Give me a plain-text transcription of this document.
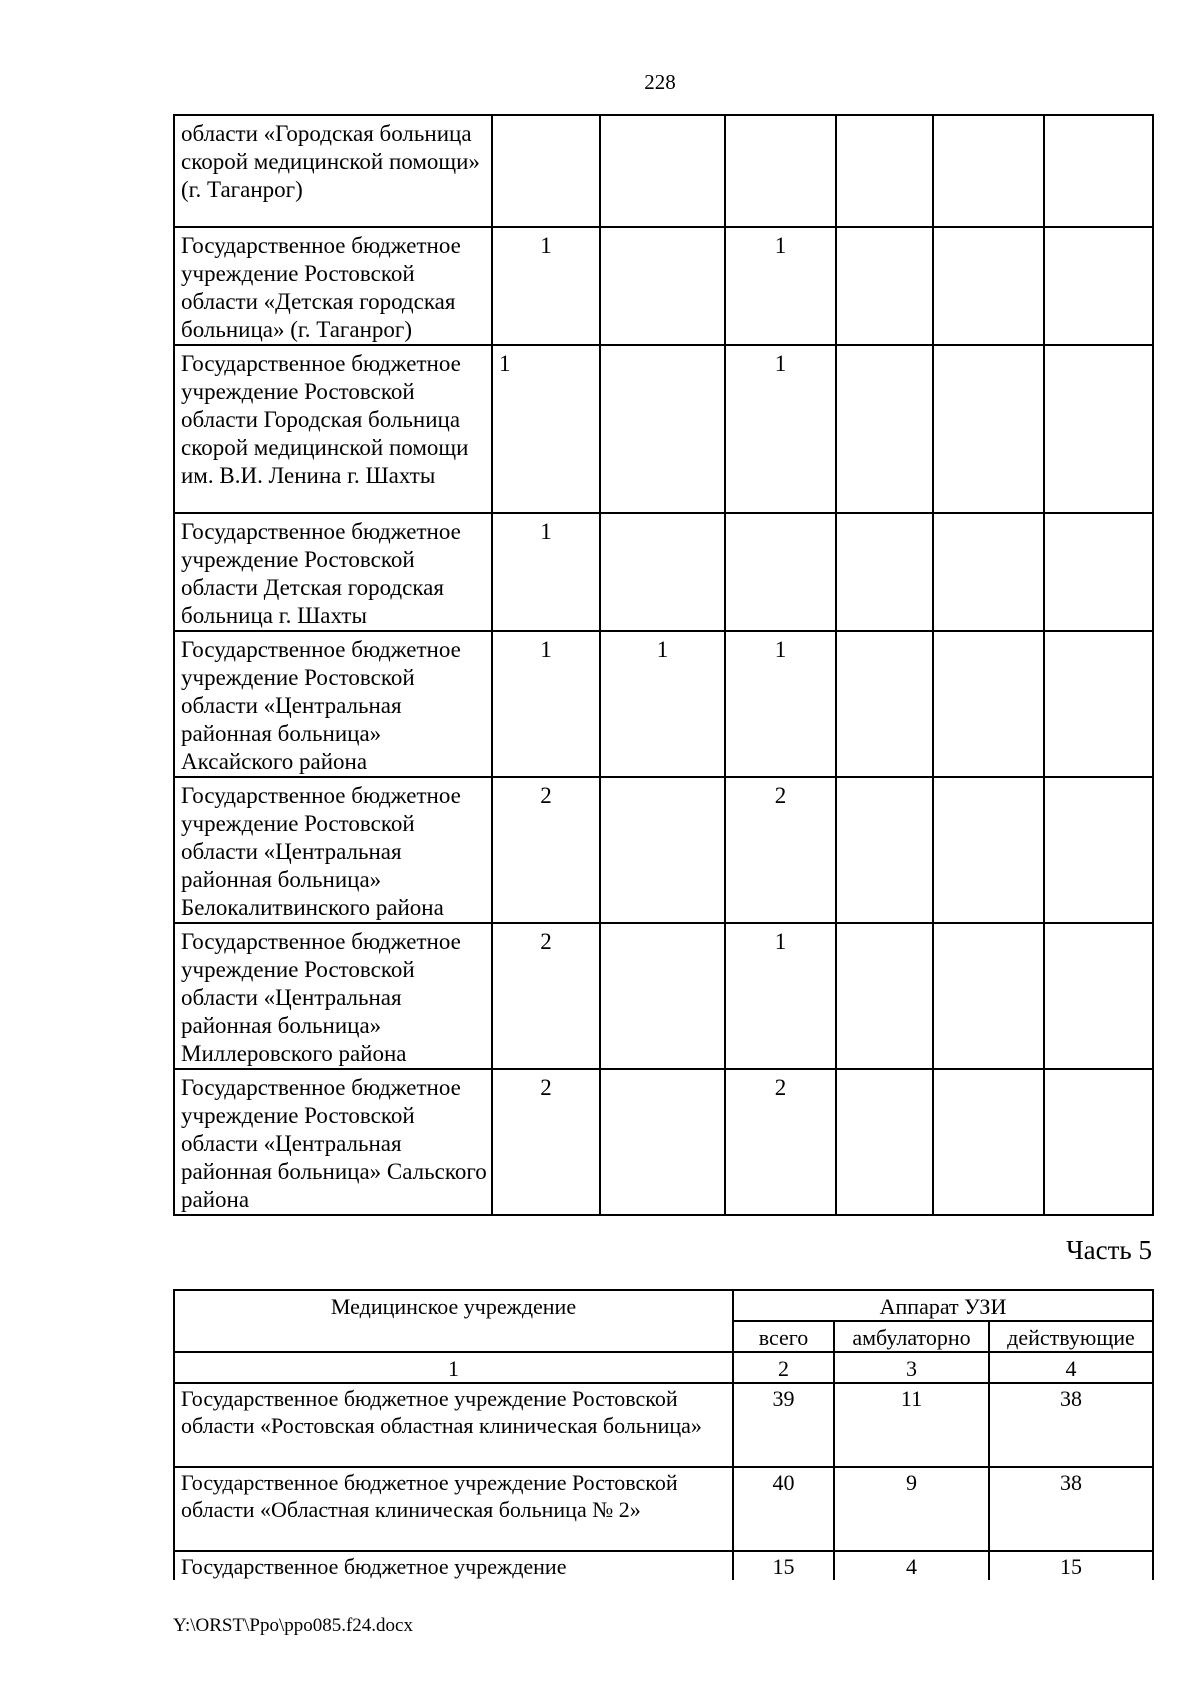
228
области «Городская больница скорой медицинской помощи» (г. Таганрог)						
Государственное бюджетное учреждение Ростовской области «Детская городская больница» (г. Таганрог)	1		1			
Государственное бюджетное учреждение Ростовской области Городская больница скорой медицинской помощи им. В.И. Ленина г. Шахты	1		1			
Государственное бюджетное учреждение Ростовской области Детская городская больница г. Шахты	1					
Государственное бюджетное учреждение Ростовской области «Центральная районная больница» Аксайского района	1	1	1			
Государственное бюджетное учреждение Ростовской области «Центральная районная больница» Белокалитвинского района	2		2			
Государственное бюджетное учреждение Ростовской области «Центральная районная больница» Миллеровского района	2		1			
Государственное бюджетное учреждение Ростовской области «Центральная районная больница» Сальского района	2		2			
Часть 5
Медицинское учреждение	Аппарат УЗИ		
	всего	амбулаторно	действующие
1	2	3	4
Государственное бюджетное учреждение Ростовской области «Ростовская областная клиническая больница»	39	11	38
Государственное бюджетное учреждение Ростовской области «Областная клиническая больница № 2»	40	9	38
Государственное бюджетное учреждение	15	4	15
Y:\ORST\Ppo\ppo085.f24.docx
